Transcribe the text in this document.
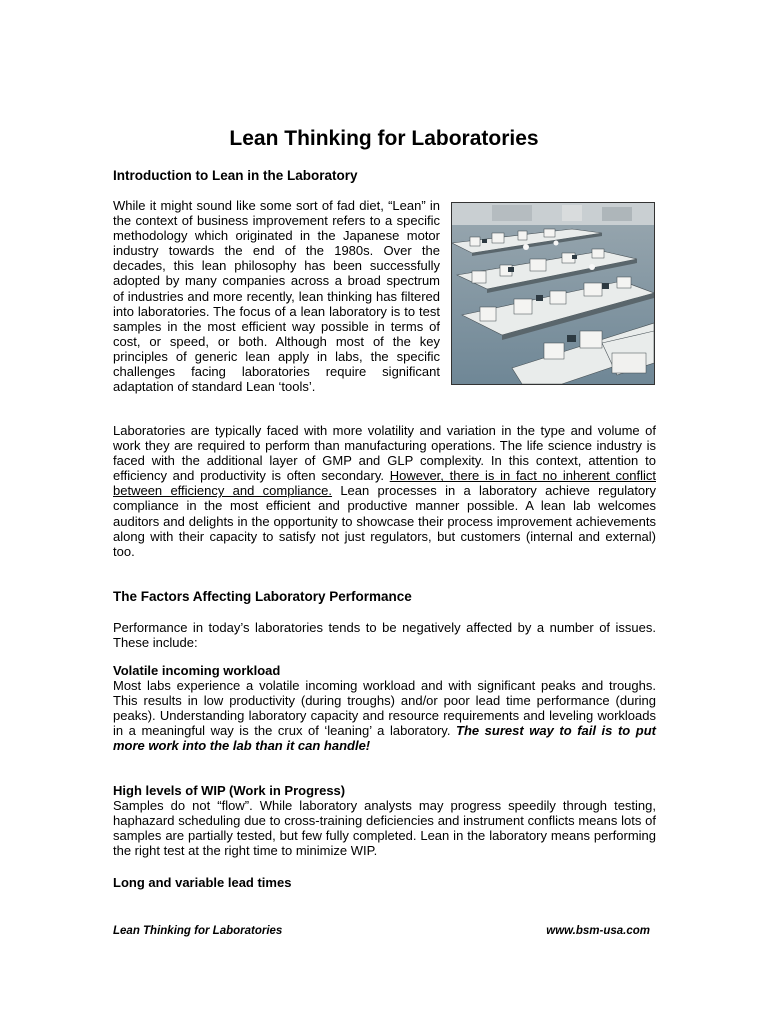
Lean Thinking for Laboratories
Introduction to Lean in the Laboratory

While it might sound like some sort of fad diet, “Lean” in the context of business improvement refers to a specific methodology which originated in the Japanese motor industry towards the end of the 1980s. Over the decades, this lean philosophy has been successfully adopted by many companies across a broad spectrum of industries and more recently, lean thinking has filtered into laboratories. The focus of a lean laboratory is to test samples in the most efficient way possible in terms of cost, or speed, or both. Although most of the key principles of generic lean apply in labs, the specific challenges facing laboratories require significant adaptation of standard Lean ‘tools’.

Laboratories are typically faced with more volatility and variation in the type and volume of work they are required to perform than manufacturing operations. The life science industry is faced with the additional layer of GMP and GLP complexity. In this context, attention to efficiency and productivity is often secondary. However, there is in fact no inherent conflict between efficiency and compliance. Lean processes in a laboratory achieve regulatory compliance in the most efficient and productive manner possible. A lean lab welcomes auditors and delights in the opportunity to showcase their process improvement achievements along with their capacity to satisfy not just regulators, but customers (internal and external) too.

The Factors Affecting Laboratory Performance

Performance in today’s laboratories tends to be negatively affected by a number of issues. These include:

Volatile incoming workload
Most labs experience a volatile incoming workload and with significant peaks and troughs. This results in low productivity (during troughs) and/or poor lead time performance (during peaks). Understanding laboratory capacity and resource requirements and leveling workloads in a meaningful way is the crux of ‘leaning’ a laboratory. The surest way to fail is to put more work into the lab than it can handle!

High levels of WIP (Work in Progress)
Samples do not “flow”. While laboratory analysts may progress speedily through testing, haphazard scheduling due to cross-training deficiencies and instrument conflicts means lots of samples are partially tested, but few fully completed. Lean in the laboratory means performing the right test at the right time to minimize WIP.

Long and variable lead times

Lean Thinking for Laboratories	www.bsm-usa.com
